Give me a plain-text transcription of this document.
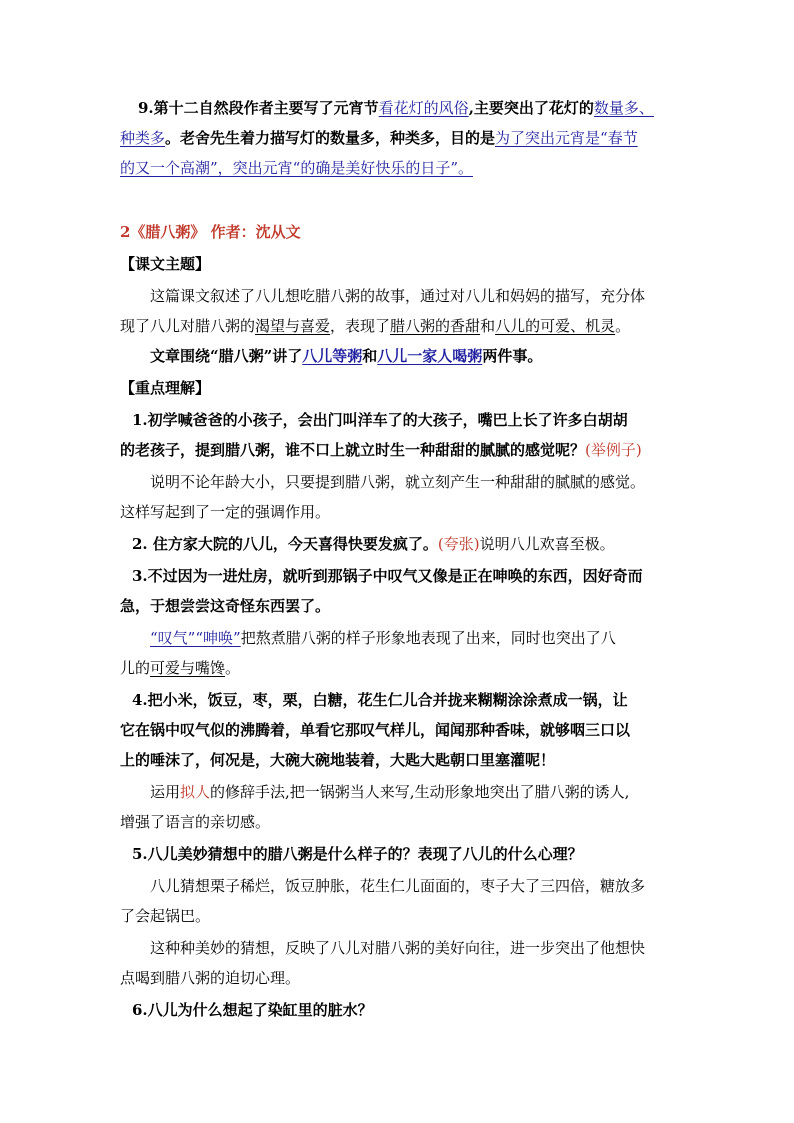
9.第十二自然段作者主要写了元宵节看花灯的风俗,主要突出了花灯的数量多、
种类多。老舍先生着力描写灯的数量多，种类多，目的是为了突出元宵是“春节
的又一个高潮”，突出元宵“的确是美好快乐的日子”。
2《腊八粥》 作者：沈从文
【课文主题】
这篇课文叙述了八儿想吃腊八粥的故事，通过对八儿和妈妈的描写，充分体
现了八儿对腊八粥的渴望与喜爱，表现了腊八粥的香甜和八儿的可爱、机灵。
文章围绕“腊八粥”讲了八儿等粥和八儿一家人喝粥两件事。
【重点理解】
1.初学喊爸爸的小孩子，会出门叫洋车了的大孩子，嘴巴上长了许多白胡胡
的老孩子，提到腊八粥，谁不口上就立时生一种甜甜的腻腻的感觉呢？(举例子)
说明不论年龄大小，只要提到腊八粥，就立刻产生一种甜甜的腻腻的感觉。
这样写起到了一定的强调作用。
2. 住方家大院的八儿，今天喜得快要发疯了。(夸张)说明八儿欢喜至极。
3.不过因为一进灶房，就听到那锅子中叹气又像是正在呻唤的东西，因好奇而
急，于想尝尝这奇怪东西罢了。
“叹气”“呻唤”把熬煮腊八粥的样子形象地表现了出来，同时也突出了八
儿的可爱与嘴馋。
4.把小米，饭豆，枣，栗，白糖，花生仁儿合并拢来糊糊涂涂煮成一锅，让
它在锅中叹气似的沸腾着，单看它那叹气样儿，闻闻那种香味，就够咽三口以
上的唾沫了，何况是，大碗大碗地装着，大匙大匙朝口里塞灌呢！
运用拟人的修辞手法,把一锅粥当人来写,生动形象地突出了腊八粥的诱人,
增强了语言的亲切感。
5.八儿美妙猜想中的腊八粥是什么样子的？表现了八儿的什么心理？
八儿猜想栗子稀烂，饭豆肿胀，花生仁儿面面的，枣子大了三四倍，糖放多
了会起锅巴。
这种种美妙的猜想，反映了八儿对腊八粥的美好向往，进一步突出了他想快
点喝到腊八粥的迫切心理。
6.八儿为什么想起了染缸里的脏水？
